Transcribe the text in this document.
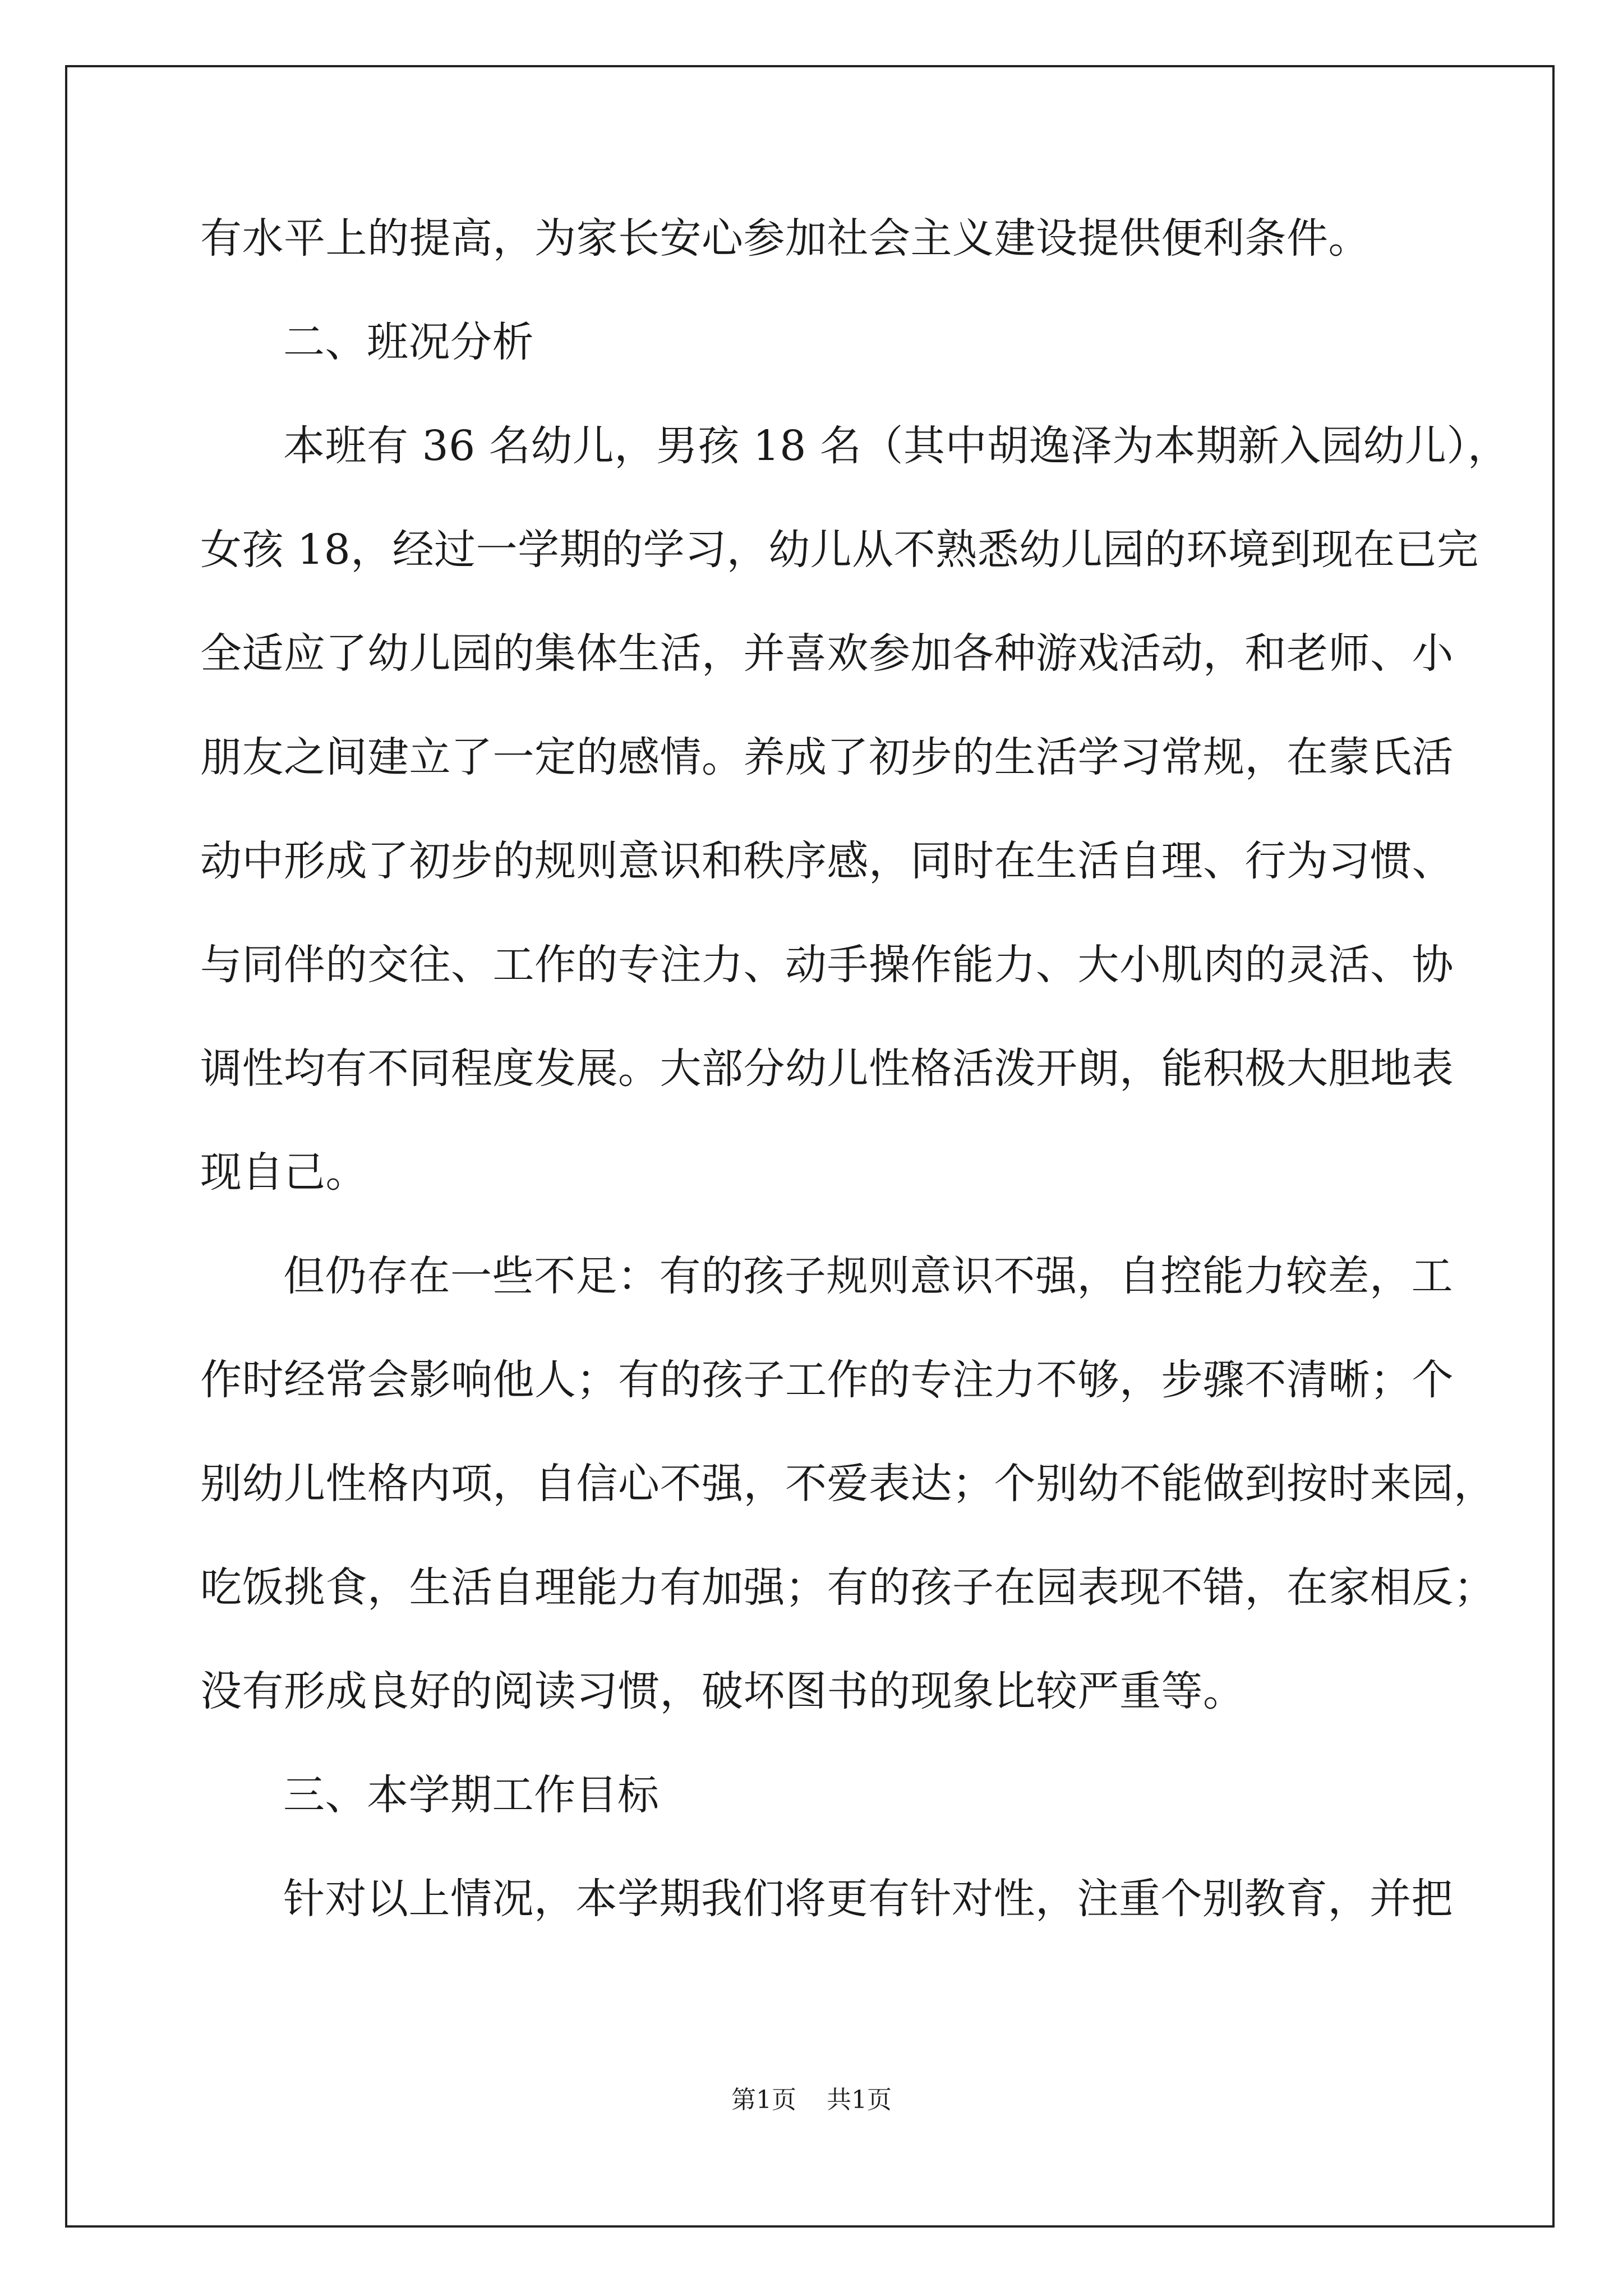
有水平上的提高，为家长安心参加社会主义建设提供便利条件。
二、班况分析
本班有 36 名幼儿，男孩 18 名（其中胡逸泽为本期新入园幼儿），
女孩 18，经过一学期的学习，幼儿从不熟悉幼儿园的环境到现在已完
全适应了幼儿园的集体生活，并喜欢参加各种游戏活动，和老师、小
朋友之间建立了一定的感情。养成了初步的生活学习常规，在蒙氏活
动中形成了初步的规则意识和秩序感，同时在生活自理、行为习惯、
与同伴的交往、工作的专注力、动手操作能力、大小肌肉的灵活、协
调性均有不同程度发展。大部分幼儿性格活泼开朗，能积极大胆地表
现自己。
但仍存在一些不足：有的孩子规则意识不强，自控能力较差，工
作时经常会影响他人；有的孩子工作的专注力不够，步骤不清晰；个
别幼儿性格内项，自信心不强，不爱表达；个别幼不能做到按时来园，
吃饭挑食，生活自理能力有加强；有的孩子在园表现不错，在家相反；
没有形成良好的阅读习惯，破坏图书的现象比较严重等。
三、本学期工作目标
针对以上情况，本学期我们将更有针对性，注重个别教育，并把
第1页 共1页
